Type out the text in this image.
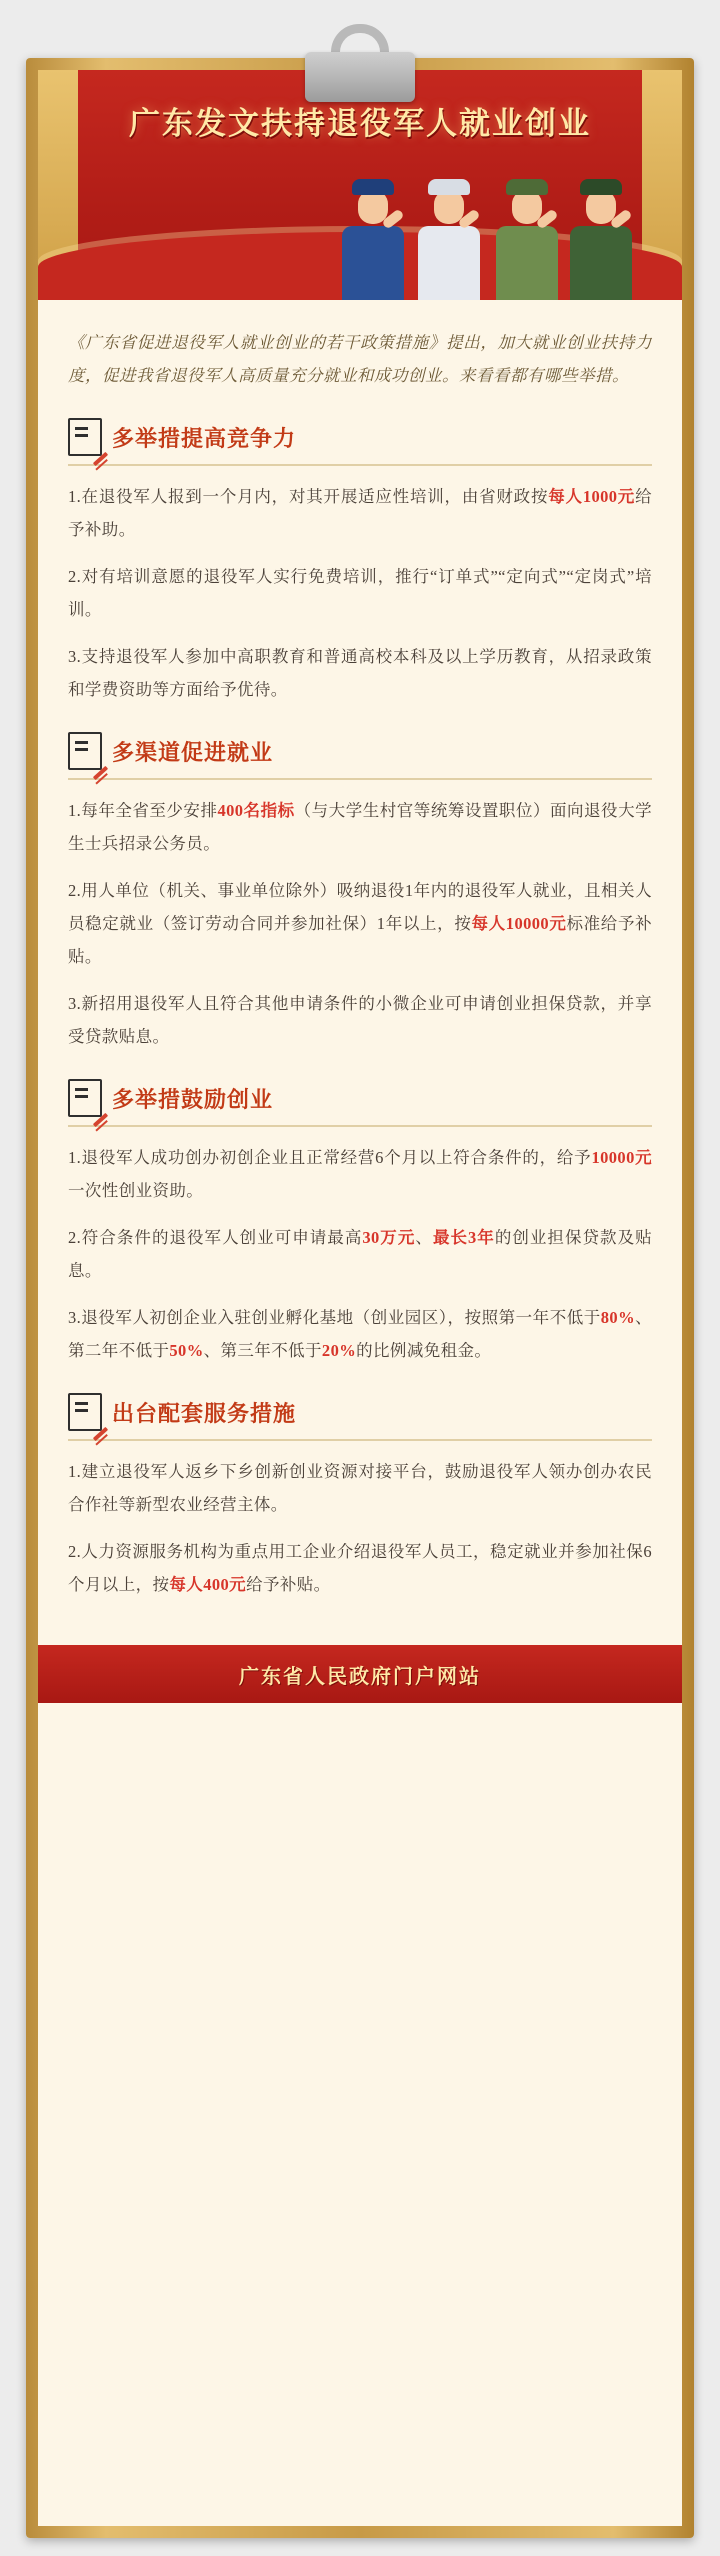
广东发文扶持退役军人就业创业

《广东省促进退役军人就业创业的若干政策措施》提出，加大就业创业扶持力度，促进我省退役军人高质量充分就业和成功创业。来看看都有哪些举措。

多举措提高竞争力

1.在退役军人报到一个月内，对其开展适应性培训，由省财政按每人1000元给予补助。

2.对有培训意愿的退役军人实行免费培训，推行“订单式”“定向式”“定岗式”培训。

3.支持退役军人参加中高职教育和普通高校本科及以上学历教育，从招录政策和学费资助等方面给予优待。

多渠道促进就业

1.每年全省至少安排400名指标（与大学生村官等统筹设置职位）面向退役大学生士兵招录公务员。

2.用人单位（机关、事业单位除外）吸纳退役1年内的退役军人就业，且相关人员稳定就业（签订劳动合同并参加社保）1年以上，按每人10000元标准给予补贴。

3.新招用退役军人且符合其他申请条件的小微企业可申请创业担保贷款，并享受贷款贴息。

多举措鼓励创业

1.退役军人成功创办初创企业且正常经营6个月以上符合条件的，给予10000元一次性创业资助。

2.符合条件的退役军人创业可申请最高30万元、最长3年的创业担保贷款及贴息。

3.退役军人初创企业入驻创业孵化基地（创业园区），按照第一年不低于80%、第二年不低于50%、第三年不低于20%的比例减免租金。

出台配套服务措施

1.建立退役军人返乡下乡创新创业资源对接平台，鼓励退役军人领办创办农民合作社等新型农业经营主体。

2.人力资源服务机构为重点用工企业介绍退役军人员工，稳定就业并参加社保6个月以上，按每人400元给予补贴。

广东省人民政府门户网站
